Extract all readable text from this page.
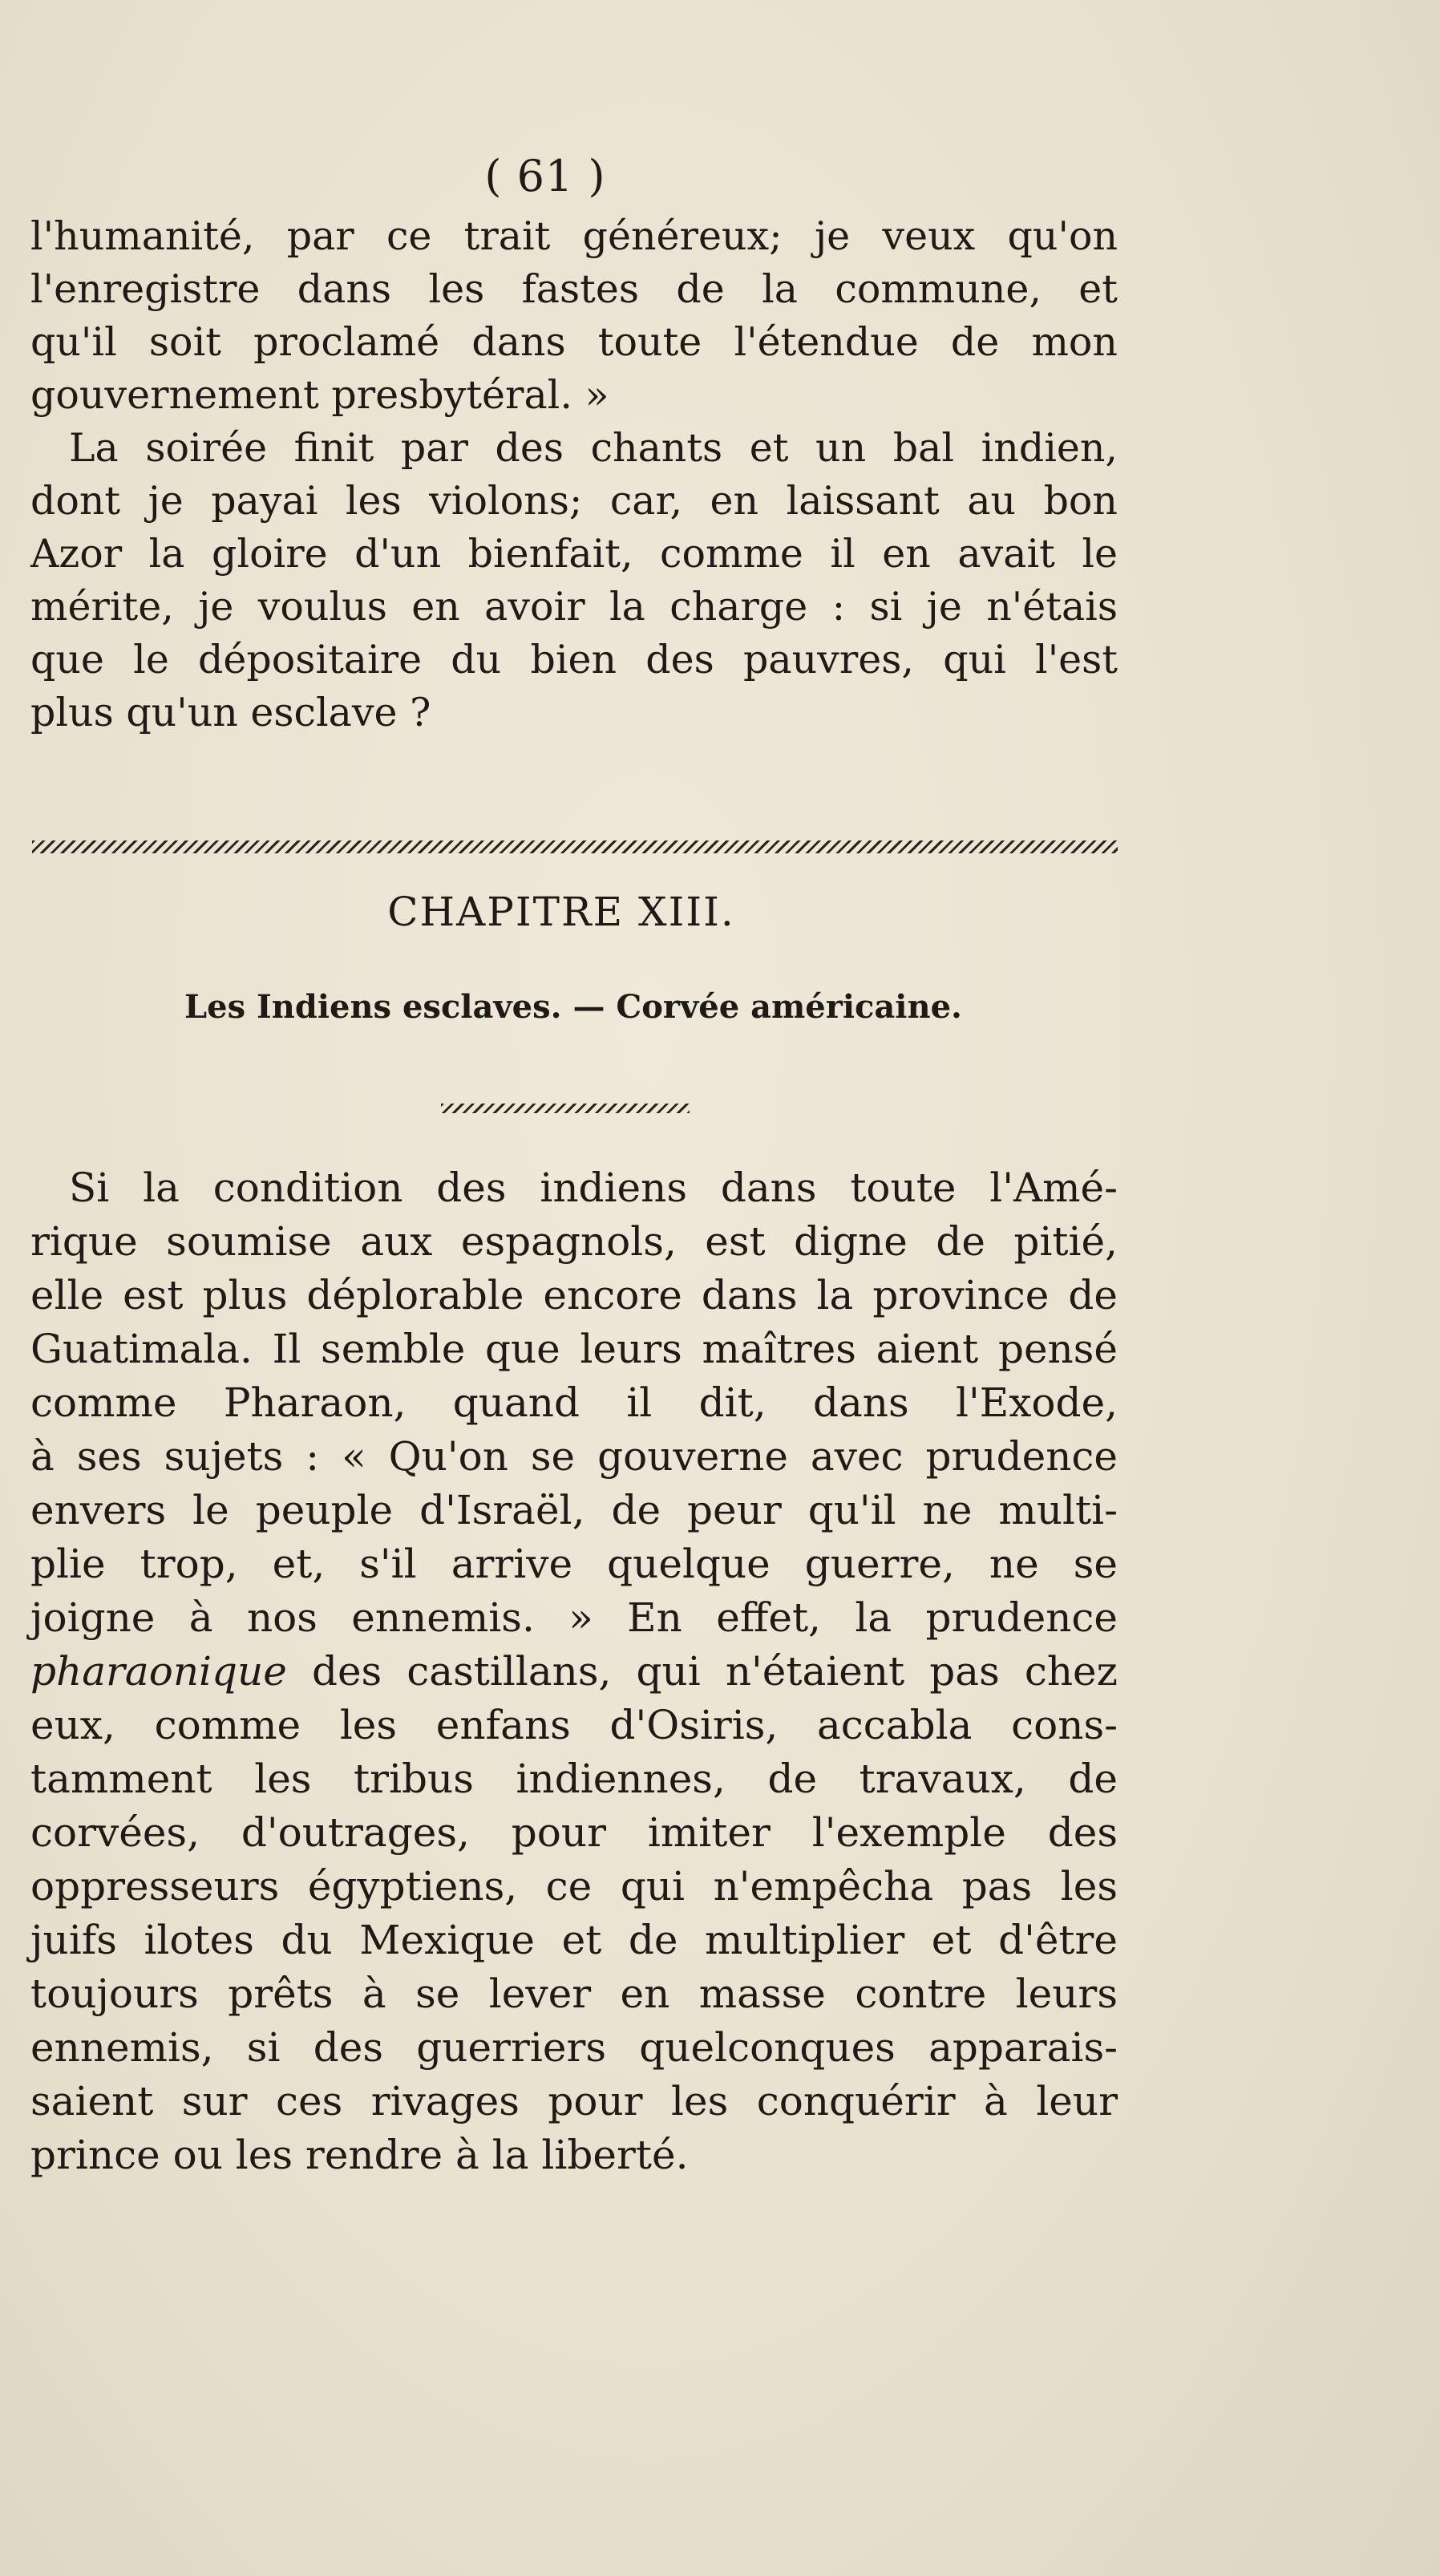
( 61 )
l'humanité, par ce trait généreux; je veux qu'on
l'enregistre dans les fastes de la commune, et
qu'il soit proclamé dans toute l'étendue de mon
gouvernement presbytéral. »
La soirée finit par des chants et un bal indien,
dont je payai les violons; car, en laissant au bon
Azor la gloire d'un bienfait, comme il en avait le
mérite, je voulus en avoir la charge : si je n'étais
que le dépositaire du bien des pauvres, qui l'est
plus qu'un esclave ?
CHAPITRE XIII.
Les Indiens esclaves. — Corvée américaine.
Si la condition des indiens dans toute l'Amé-
rique soumise aux espagnols, est digne de pitié,
elle est plus déplorable encore dans la province de
Guatimala. Il semble que leurs maîtres aient pensé
comme Pharaon, quand il dit, dans l'Exode,
à ses sujets : « Qu'on se gouverne avec prudence
envers le peuple d'Israël, de peur qu'il ne multi-
plie trop, et, s'il arrive quelque guerre, ne se
joigne à nos ennemis. » En effet, la prudence
pharaonique des castillans, qui n'étaient pas chez
eux, comme les enfans d'Osiris, accabla cons-
tamment les tribus indiennes, de travaux, de
corvées, d'outrages, pour imiter l'exemple des
oppresseurs égyptiens, ce qui n'empêcha pas les
juifs ilotes du Mexique et de multiplier et d'être
toujours prêts à se lever en masse contre leurs
ennemis, si des guerriers quelconques apparais-
saient sur ces rivages pour les conquérir à leur
prince ou les rendre à la liberté.
